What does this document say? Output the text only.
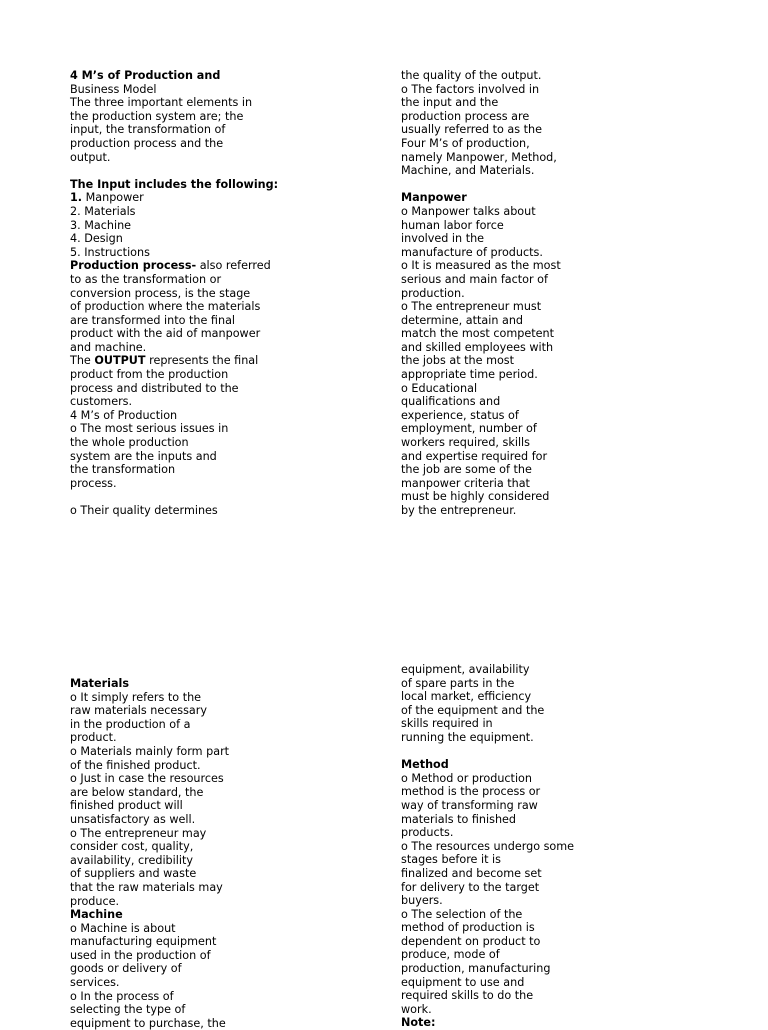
4 M’s of Production and
Business Model
The three important elements in
the production system are; the
input, the transformation of
production process and the
output.
The Input includes the following:
1. Manpower
2. Materials
3. Machine
4. Design
5. Instructions
Production process- also referred
to as the transformation or
conversion process, is the stage
of production where the materials
are transformed into the final
product with the aid of manpower
and machine.
The OUTPUT represents the final
product from the production
process and distributed to the
customers.
4 M’s of Production
o The most serious issues in
the whole production
system are the inputs and
the transformation
process.
o Their quality determines
the quality of the output.
o The factors involved in
the input and the
production process are
usually referred to as the
Four M’s of production,
namely Manpower, Method,
Machine, and Materials.
Manpower
o Manpower talks about
human labor force
involved in the
manufacture of products.
o It is measured as the most
serious and main factor of
production.
o The entrepreneur must
determine, attain and
match the most competent
and skilled employees with
the jobs at the most
appropriate time period.
o Educational
qualifications and
experience, status of
employment, number of
workers required, skills
and expertise required for
the job are some of the
manpower criteria that
must be highly considered
by the entrepreneur.
Materials
o It simply refers to the
raw materials necessary
in the production of a
product.
o Materials mainly form part
of the finished product.
o Just in case the resources
are below standard, the
finished product will
unsatisfactory as well.
o The entrepreneur may
consider cost, quality,
availability, credibility
of suppliers and waste
that the raw materials may
produce.
Machine
o Machine is about
manufacturing equipment
used in the production of
goods or delivery of
services.
o In the process of
selecting the type of
equipment to purchase, the
equipment, availability
of spare parts in the
local market, efficiency
of the equipment and the
skills required in
running the equipment.
Method
o Method or production
method is the process or
way of transforming raw
materials to finished
products.
o The resources undergo some
stages before it is
finalized and become set
for delivery to the target
buyers.
o The selection of the
method of production is
dependent on product to
produce, mode of
production, manufacturing
equipment to use and
required skills to do the
work.
Note:
